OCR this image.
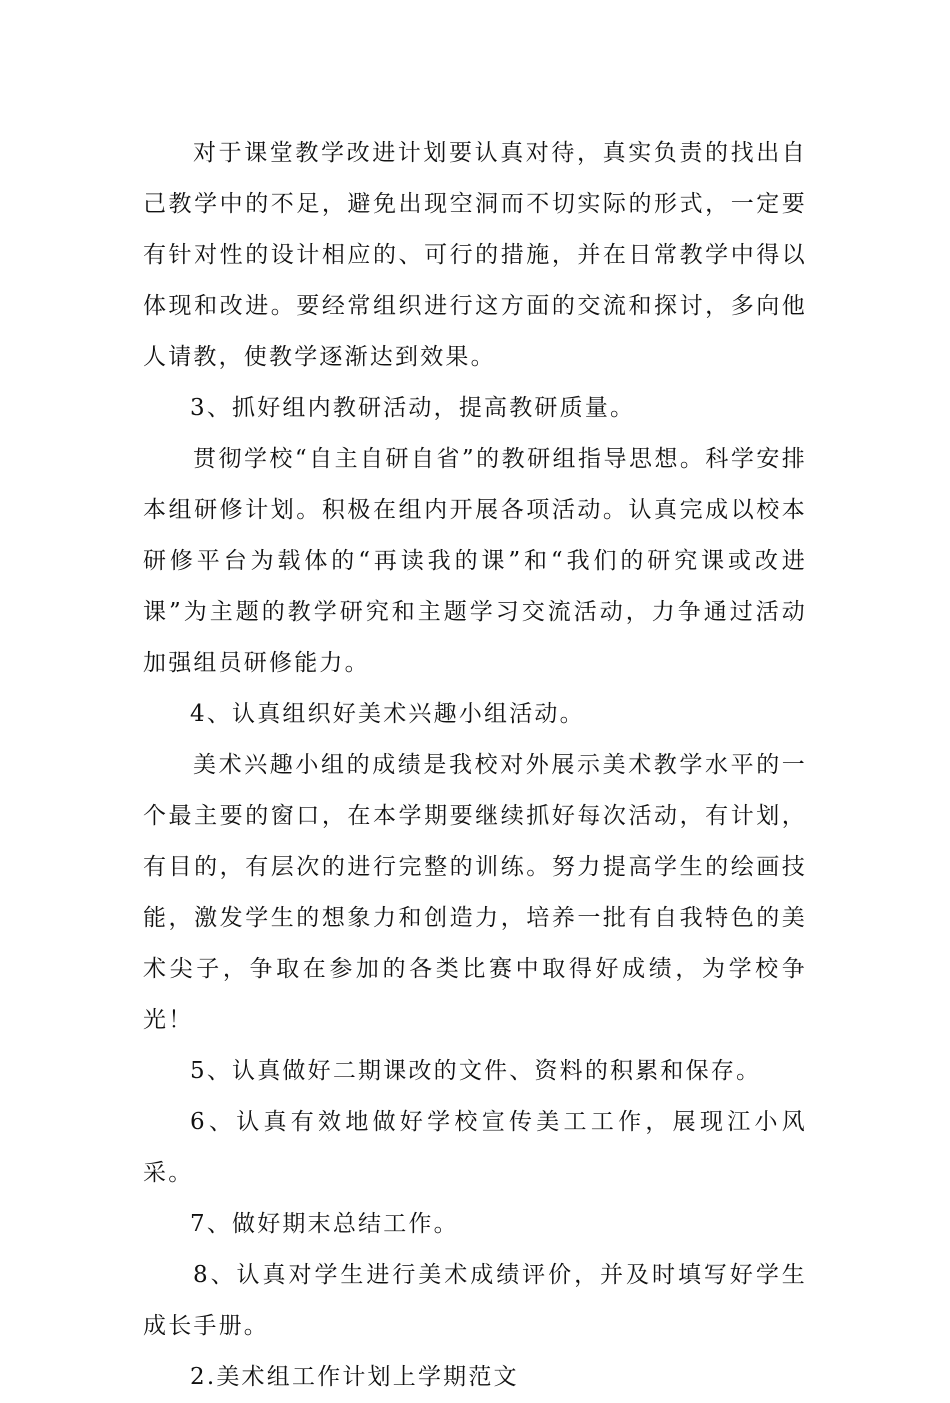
对于课堂教学改进计划要认真对待，真实负责的找出自己教学中的不足，避免出现空洞而不切实际的形式，一定要有针对性的设计相应的、可行的措施，并在日常教学中得以体现和改进。要经常组织进行这方面的交流和探讨，多向他人请教，使教学逐渐达到效果。

3、抓好组内教研活动，提高教研质量。

贯彻学校“自主自研自省”的教研组指导思想。科学安排本组研修计划。积极在组内开展各项活动。认真完成以校本研修平台为载体的“再读我的课”和“我们的研究课或改进课”为主题的教学研究和主题学习交流活动，力争通过活动加强组员研修能力。

4、认真组织好美术兴趣小组活动。

美术兴趣小组的成绩是我校对外展示美术教学水平的一个最主要的窗口，在本学期要继续抓好每次活动，有计划，有目的，有层次的进行完整的训练。努力提高学生的绘画技能，激发学生的想象力和创造力，培养一批有自我特色的美术尖子，争取在参加的各类比赛中取得好成绩，为学校争光！

5、认真做好二期课改的文件、资料的积累和保存。

6、认真有效地做好学校宣传美工工作，展现江小风采。

7、做好期末总结工作。

8、认真对学生进行美术成绩评价，并及时填写好学生成长手册。

2.美术组工作计划上学期范文
